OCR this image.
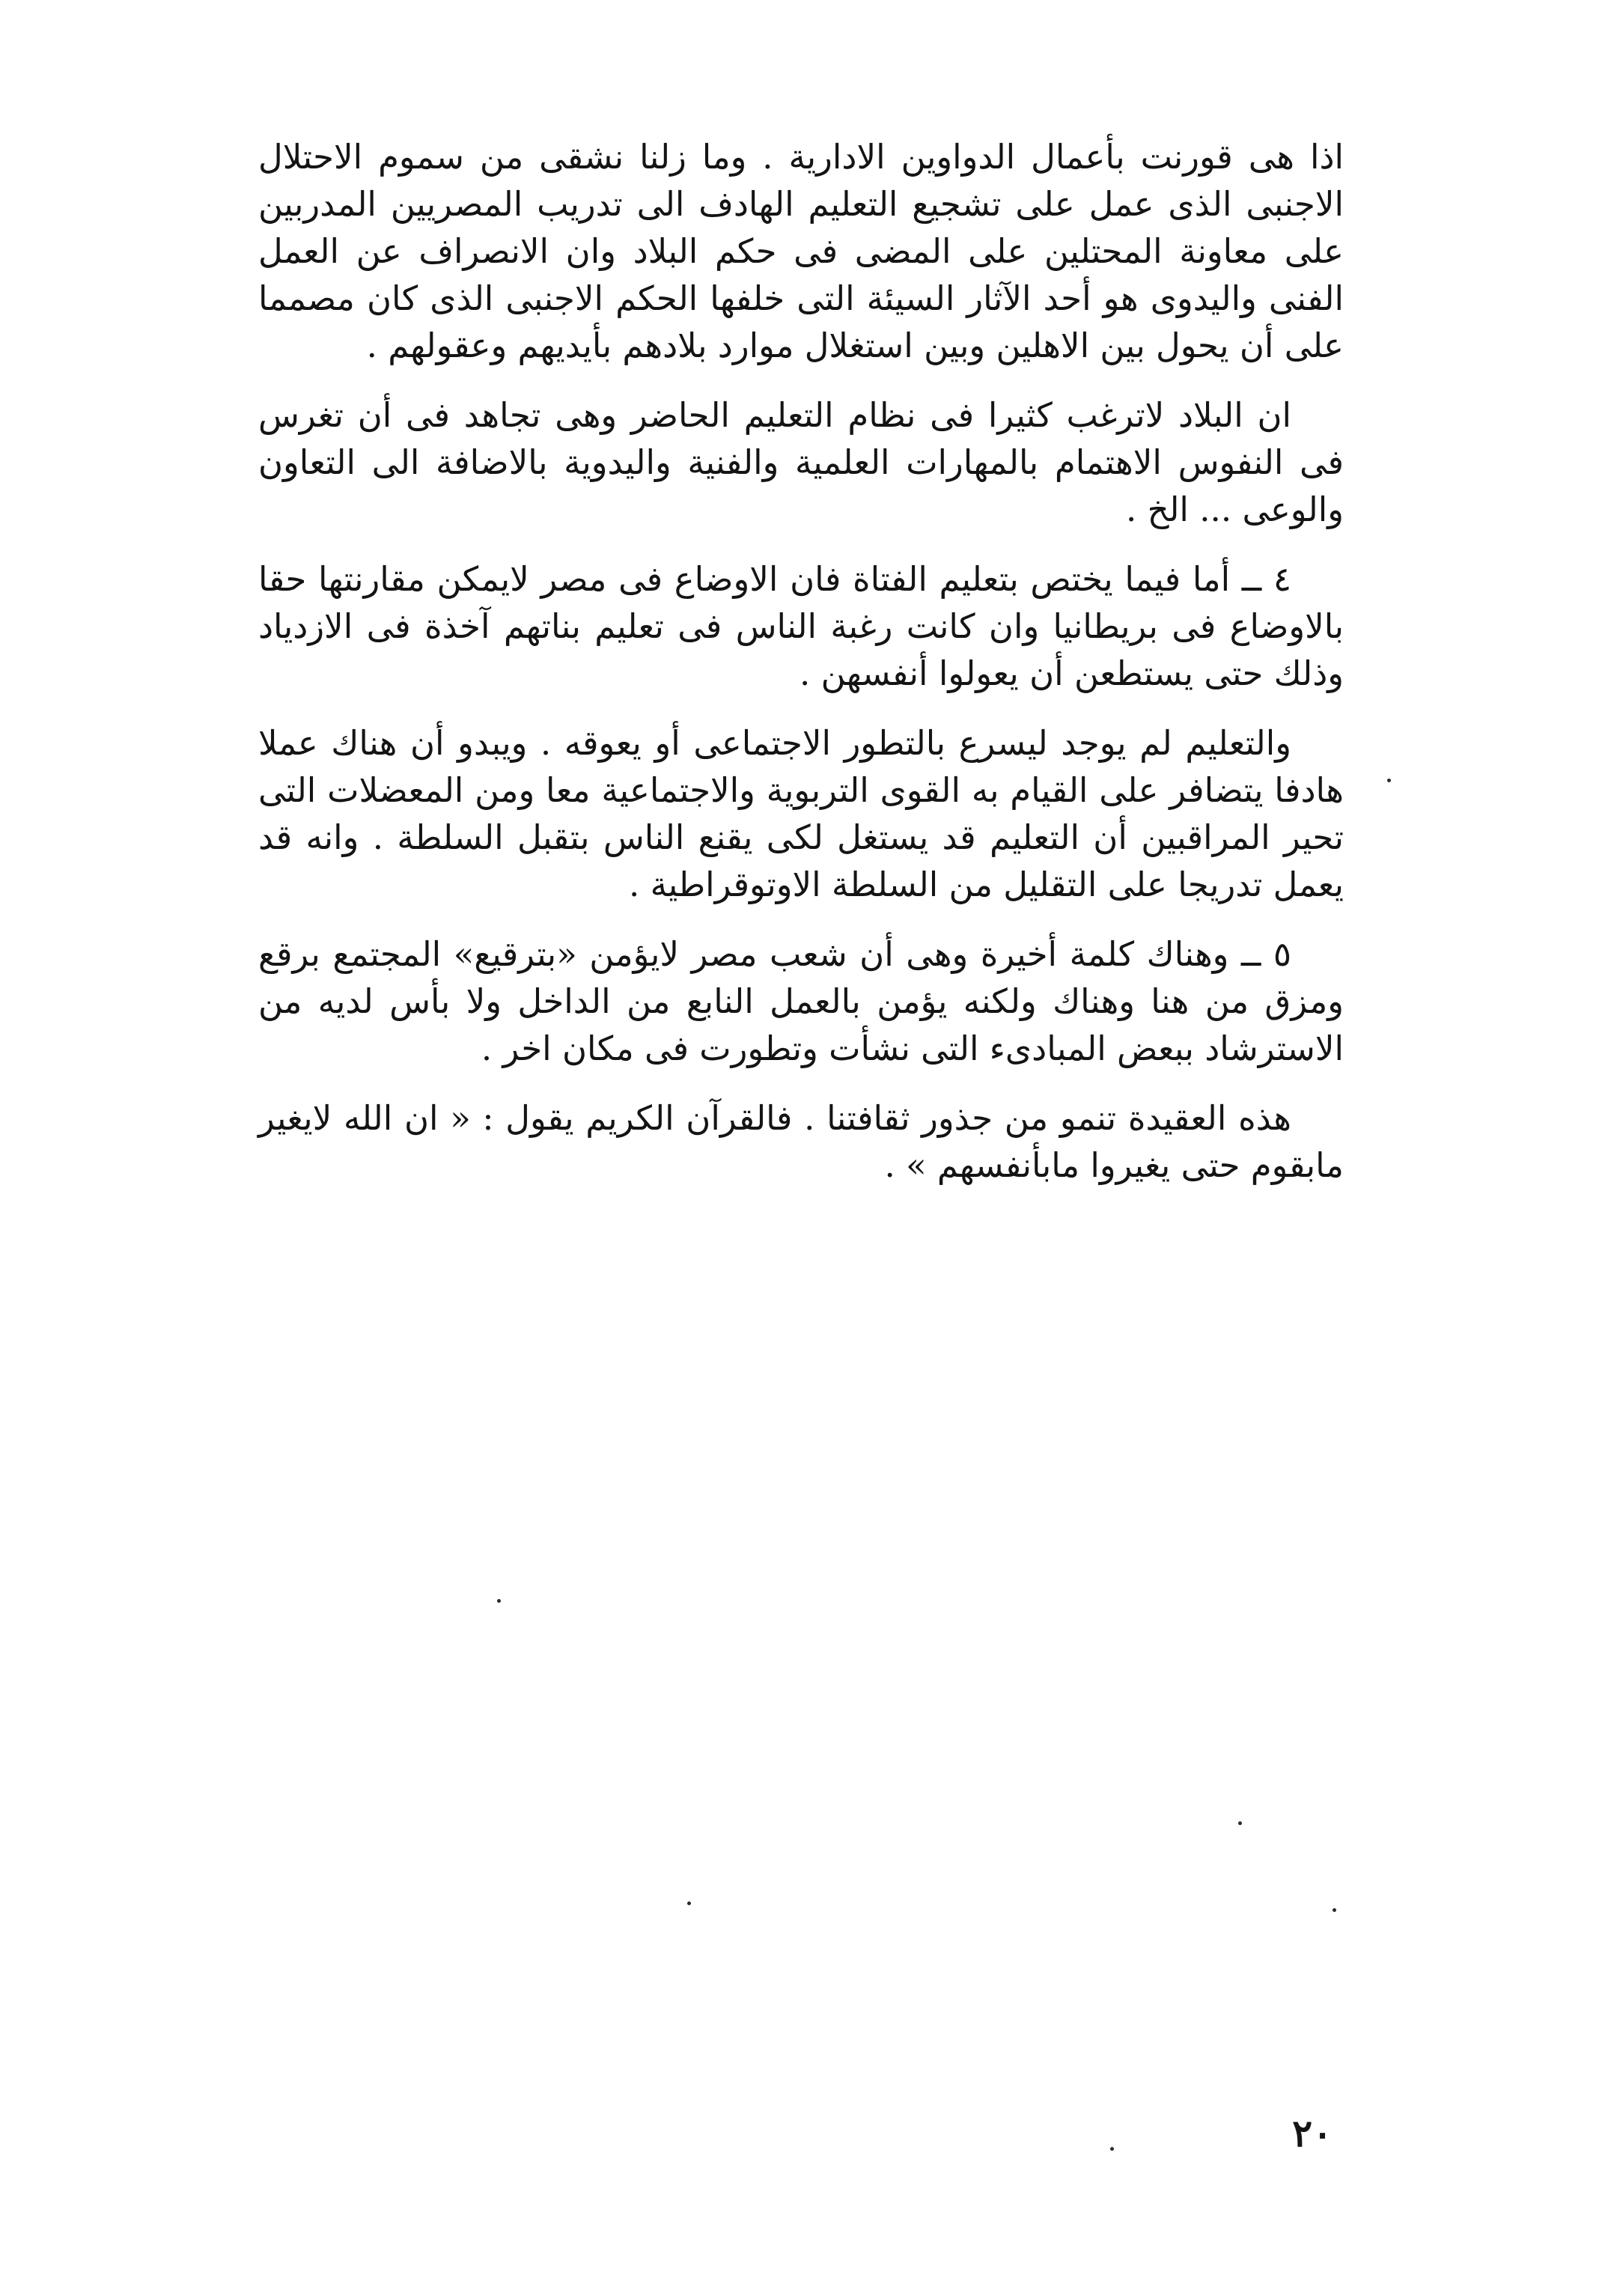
اذا هى قورنت بأعمال الدواوين الادارية . وما زلنا نشقى من سموم الاحتلال الاجنبى الذى عمل على تشجيع التعليم الهادف الى تدريب المصريين المدربين على معاونة المحتلين على المضى فى حكم البلاد وان الانصراف عن العمل الفنى واليدوى هو أحد الآثار السيئة التى خلفها الحكم الاجنبى الذى كان مصمما على أن يحول بين الاهلين وبين استغلال موارد بلادهم بأيديهم وعقولهم .

ان البلاد لاترغب كثيرا فى نظام التعليم الحاضر وهى تجاهد فى أن تغرس فى النفوس الاهتمام بالمهارات العلمية والفنية واليدوية بالاضافة الى التعاون والوعى ... الخ .

٤ ــ أما فيما يختص بتعليم الفتاة فان الاوضاع فى مصر لايمكن مقارنتها حقا بالاوضاع فى بريطانيا وان كانت رغبة الناس فى تعليم بناتهم آخذة فى الازدياد وذلك حتى يستطعن أن يعولوا أنفسهن .

والتعليم لم يوجد ليسرع بالتطور الاجتماعى أو يعوقه . ويبدو أن هناك عملا هادفا يتضافر على القيام به القوى التربوية والاجتماعية معا ومن المعضلات التى تحير المراقبين أن التعليم قد يستغل لكى يقنع الناس بتقبل السلطة . وانه قد يعمل تدريجا على التقليل من السلطة الاوتوقراطية .

٥ ــ وهناك كلمة أخيرة وهى أن شعب مصر لايؤمن «بترقيع» المجتمع برقع ومزق من هنا وهناك ولكنه يؤمن بالعمل النابع من الداخل ولا بأس لديه من الاسترشاد ببعض المبادىء التى نشأت وتطورت فى مكان اخر .

هذه العقيدة تنمو من جذور ثقافتنا . فالقرآن الكريم يقول : « ان الله لايغير مابقوم حتى يغيروا مابأنفسهم » .

٢٠
